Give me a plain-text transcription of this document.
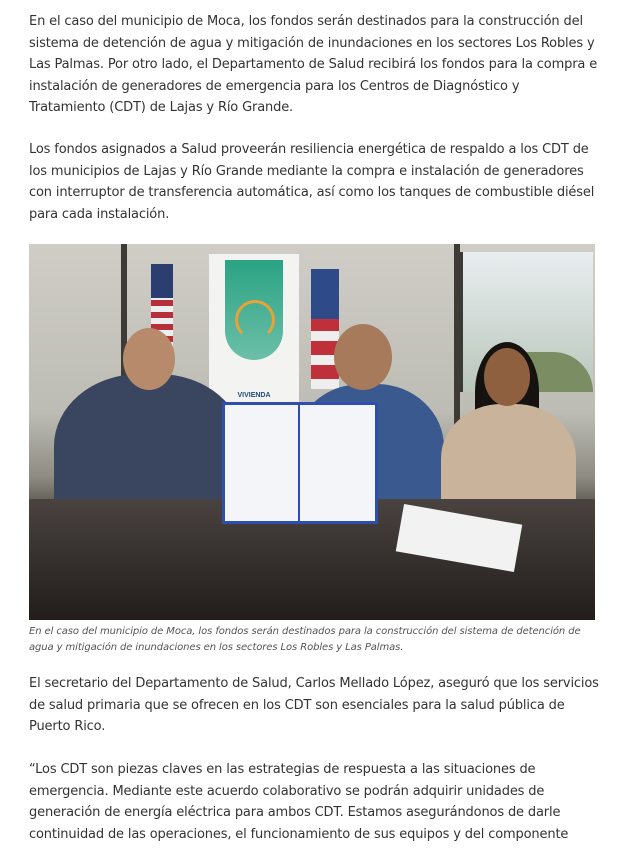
En el caso del municipio de Moca, los fondos serán destinados para la construcción del sistema de detención de agua y mitigación de inundaciones en los sectores Los Robles y Las Palmas. Por otro lado, el Departamento de Salud recibirá los fondos para la compra e instalación de generadores de emergencia para los Centros de Diagnóstico y Tratamiento (CDT) de Lajas y Río Grande.

Los fondos asignados a Salud proveerán resiliencia energética de respaldo a los CDT de los municipios de Lajas y Río Grande mediante la compra e instalación de generadores con interruptor de transferencia automática, así como los tanques de combustible diésel para cada instalación.

VIVIENDA
En el caso del municipio de Moca, los fondos serán destinados para la construcción del sistema de detención de agua y mitigación de inundaciones en los sectores Los Robles y Las Palmas.

El secretario del Departamento de Salud, Carlos Mellado López, aseguró que los servicios de salud primaria que se ofrecen en los CDT son esenciales para la salud pública de Puerto Rico.

“Los CDT son piezas claves en las estrategias de respuesta a las situaciones de emergencia. Mediante este acuerdo colaborativo se podrán adquirir unidades de generación de energía eléctrica para ambos CDT. Estamos asegurándonos de darle continuidad de las operaciones, el funcionamiento de sus equipos y del componente
